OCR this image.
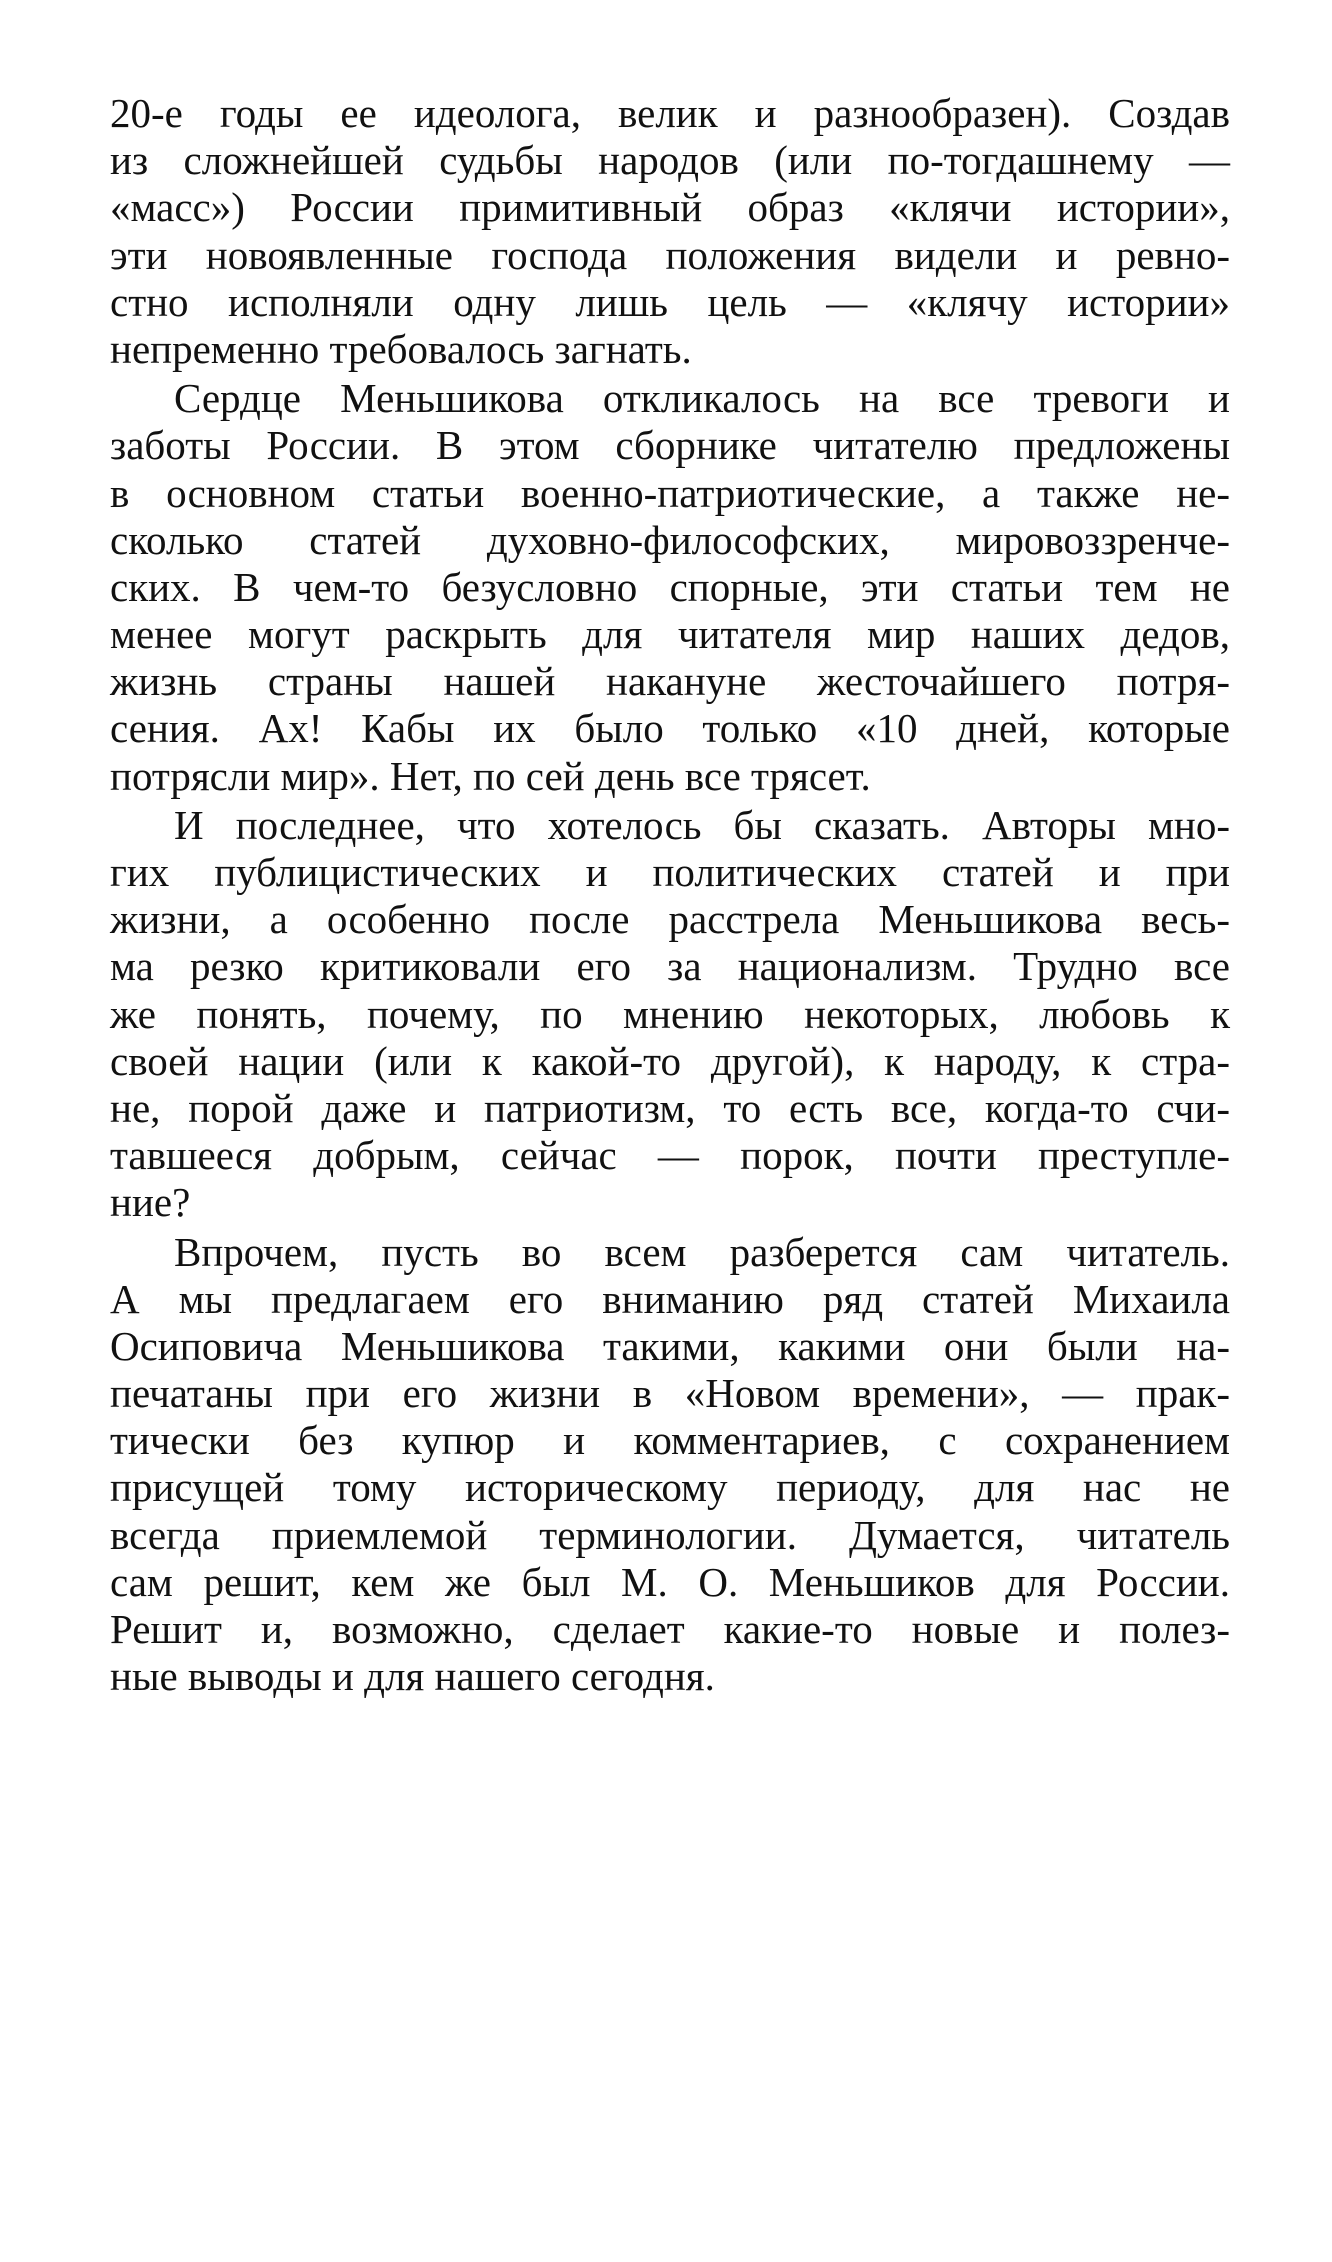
20-е годы ее идеолога, велик и разнообразен). Создав
из сложнейшей судьбы народов (или по-тогдашнему —
«масс») России примитивный образ «клячи истории»,
эти новоявленные господа положения видели и ревно-
стно исполняли одну лишь цель — «клячу истории»
непременно требовалось загнать.
Сердце Меньшикова откликалось на все тревоги и
заботы России. В этом сборнике читателю предложены
в основном статьи военно-патриотические, а также не-
сколько статей духовно-философских, мировоззренче-
ских. В чем-то безусловно спорные, эти статьи тем не
менее могут раскрыть для читателя мир наших дедов,
жизнь страны нашей накануне жесточайшего потря-
сения. Ах! Кабы их было только «10 дней, которые
потрясли мир». Нет, по сей день все трясет.
И последнее, что хотелось бы сказать. Авторы мно-
гих публицистических и политических статей и при
жизни, а особенно после расстрела Меньшикова весь-
ма резко критиковали его за национализм. Трудно все
же понять, почему, по мнению некоторых, любовь к
своей нации (или к какой-то другой), к народу, к стра-
не, порой даже и патриотизм, то есть все, когда-то счи-
тавшееся добрым, сейчас — порок, почти преступле-
ние?
Впрочем, пусть во всем разберется сам читатель.
А мы предлагаем его вниманию ряд статей Михаила
Осиповича Меньшикова такими, какими они были на-
печатаны при его жизни в «Новом времени», — прак-
тически без купюр и комментариев, с сохранением
присущей тому историческому периоду, для нас не
всегда приемлемой терминологии. Думается, читатель
сам решит, кем же был М. О. Меньшиков для России.
Решит и, возможно, сделает какие-то новые и полез-
ные выводы и для нашего сегодня.
